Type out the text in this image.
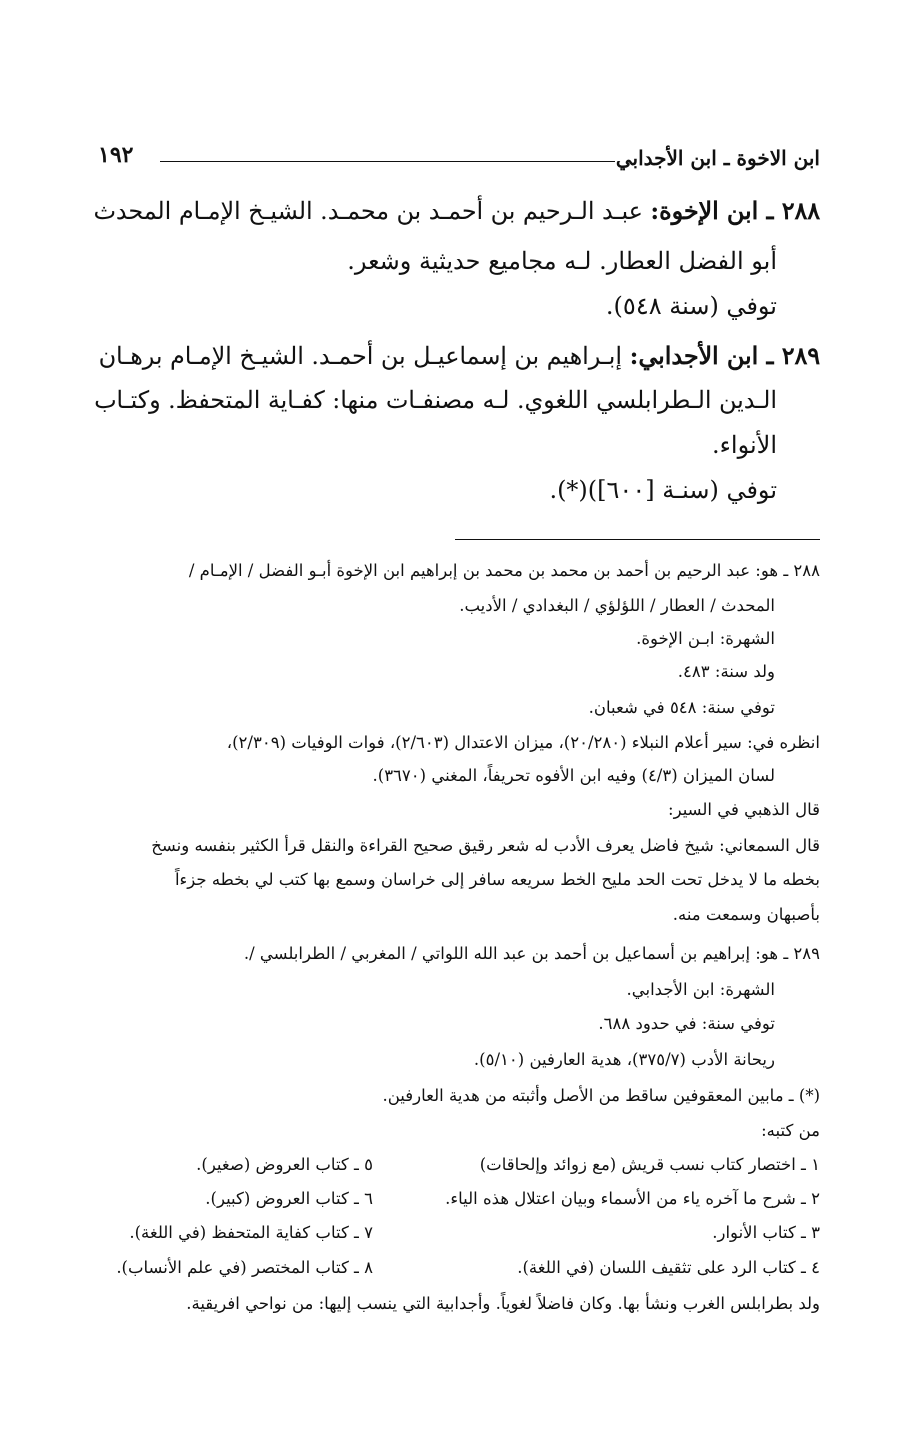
ابن الاخوة ـ ابن الأجدابي
١٩٢
٢٨٨ ـ ابن الإخوة: عبـد الـرحيم بن أحمـد بن محمـد. الشيـخ الإمـام المحدث
أبو الفضل العطار. لـه مجاميع حديثية وشعر.
توفي (سنة ٥٤٨).
٢٨٩ ـ ابن الأجدابي: إبـراهيم بن إسماعيـل بن أحمـد. الشيـخ الإمـام برهـان
الـدين الـطرابلسي اللغوي. لـه مصنفـات منها: كفـاية المتحفظ. وكتـاب
الأنواء.
توفي (سنـة [٦٠٠])(*).
٢٨٨ ـ هو: عبد الرحيم بن أحمد بن محمد بن محمد بن إبراهيم ابن الإخوة أبـو الفضل / الإمـام /
المحدث / العطار / اللؤلؤي / البغدادي / الأديب.
الشهرة: ابـن الإخوة.
ولد سنة: ٤٨٣.
توفي سنة: ٥٤٨ في شعبان.
انظره في: سير أعلام النبلاء (٢٠/٢٨٠)، ميزان الاعتدال (٢/٦٠٣)، فوات الوفيات (٢/٣٠٩)،
لسان الميزان (٤/٣) وفيه ابن الأفوه تحريفاً، المغني (٣٦٧٠).
قال الذهبي في السير:
قال السمعاني: شيخ فاضل يعرف الأدب له شعر رقيق صحيح القراءة والنقل قرأ الكثير بنفسه ونسخ
بخطه ما لا يدخل تحت الحد مليح الخط سريعه سافر إلى خراسان وسمع بها كتب لي بخطه جزءاً
بأصبهان وسمعت منه.
٢٨٩ ـ هو: إبراهيم بن أسماعيل بن أحمد بن عبد الله اللواتي / المغربي / الطرابلسي /.
الشهرة: ابن الأجدابي.
توفي سنة: في حدود ٦٨٨.
ريحانة الأدب (٣٧٥/٧)، هدية العارفين (٥/١٠).
(*) ـ مابين المعقوفين ساقط من الأصل وأثبته من هدية العارفين.
من كتبه:
١ ـ اختصار كتاب نسب قريش (مع زوائد وإلحاقات)
٢ ـ شرح ما آخره ياء من الأسماء وبيان اعتلال هذه الياء.
٣ ـ كتاب الأنوار.
٤ ـ كتاب الرد على تثقيف اللسان (في اللغة).
٥ ـ كتاب العروض (صغير).
٦ ـ كتاب العروض (كبير).
٧ ـ كتاب كفاية المتحفظ (في اللغة).
٨ ـ كتاب المختصر (في علم الأنساب).
ولد بطرابلس الغرب ونشأ بها. وكان فاضلاً لغوياً. وأجدابية التي ينسب إليها: من نواحي افريقية.
